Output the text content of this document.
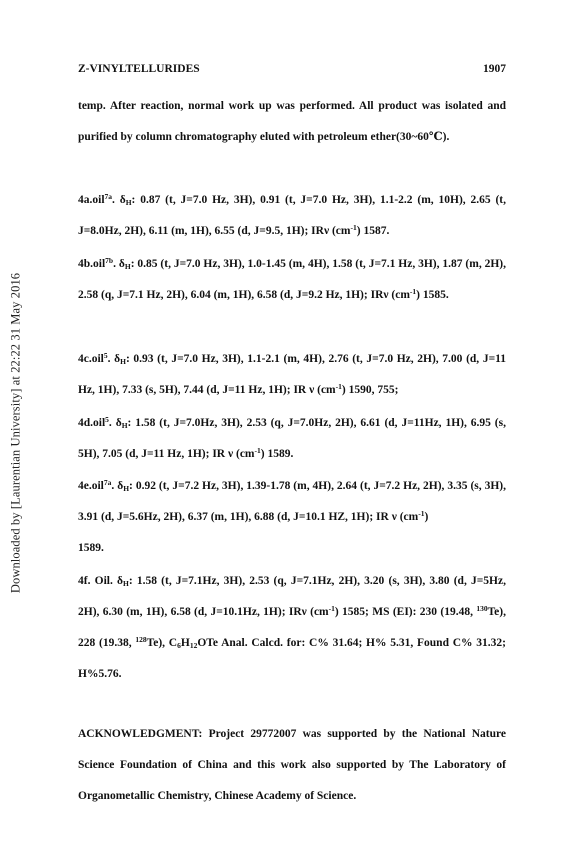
Downloaded by [Laurentian University] at 22:22 31 May 2016
Z-VINYLTELLURIDES	1907

temp. After reaction, normal work up was performed. All product was isolated and purified by column chromatography eluted with petroleum ether(30~60℃).

4a.oil$^{7a}$. $\delta_H$: 0.87 (t, J=7.0 Hz, 3H), 0.91 (t, J=7.0 Hz, 3H), 1.1-2.2 (m, 10H), 2.65 (t, J=8.0Hz, 2H), 6.11 (m, 1H), 6.55 (d, J=9.5, 1H); IRν $(cm^{-1})$ 1587.

4b.oil$^{7b}$. $\delta_H$: 0.85 (t, J=7.0 Hz, 3H), 1.0-1.45 (m, 4H), 1.58 (t, J=7.1 Hz, 3H), 1.87 (m, 2H), 2.58 (q, J=7.1 Hz, 2H), 6.04 (m, 1H), 6.58 (d, J=9.2 Hz, 1H); IRν $(cm^{-1})$ 1585.

4c.oil$^5$. $\delta_H$: 0.93 (t, J=7.0 Hz, 3H), 1.1-2.1 (m, 4H), 2.76 (t, J=7.0 Hz, 2H), 7.00 (d, J=11 Hz, 1H), 7.33 (s, 5H), 7.44 (d, J=11 Hz, 1H); IR ν $(cm^{-1})$ 1590, 755;

4d.oil$^5$. $\delta_H$: 1.58 (t, J=7.0Hz, 3H), 2.53 (q, J=7.0Hz, 2H), 6.61 (d, J=11Hz, 1H), 6.95 (s, 5H), 7.05 (d, J=11 Hz, 1H); IR ν $(cm^{-1})$ 1589.

4e.oil$^{7a}$. $\delta_H$: 0.92 (t, J=7.2 Hz, 3H), 1.39-1.78 (m, 4H), 2.64 (t, J=7.2 Hz, 2H), 3.35 (s, 3H), 3.91 (d, J=5.6Hz, 2H), 6.37 (m, 1H), 6.88 (d, J=10.1 HZ, 1H); IR ν $(cm^{-1})$
1589.

4f. Oil. $\delta_H$: 1.58 (t, J=7.1Hz, 3H), 2.53 (q, J=7.1Hz, 2H), 3.20 (s, 3H), 3.80 (d, J=5Hz, 2H), 6.30 (m, 1H), 6.58 (d, J=10.1Hz, 1H); IRν $(cm^{-1})$ 1585; MS (EI): 230 (19.48, $^{130}$Te), 228 (19.38, $^{128}$Te), $C_6H_{12}OTe$ Anal. Calcd. for: C% 31.64; H% 5.31, Found C% 31.32; H%5.76.

ACKNOWLEDGMENT: Project 29772007 was supported by the National Nature Science Foundation of China and this work also supported by The Laboratory of Organometallic Chemistry, Chinese Academy of Science.
